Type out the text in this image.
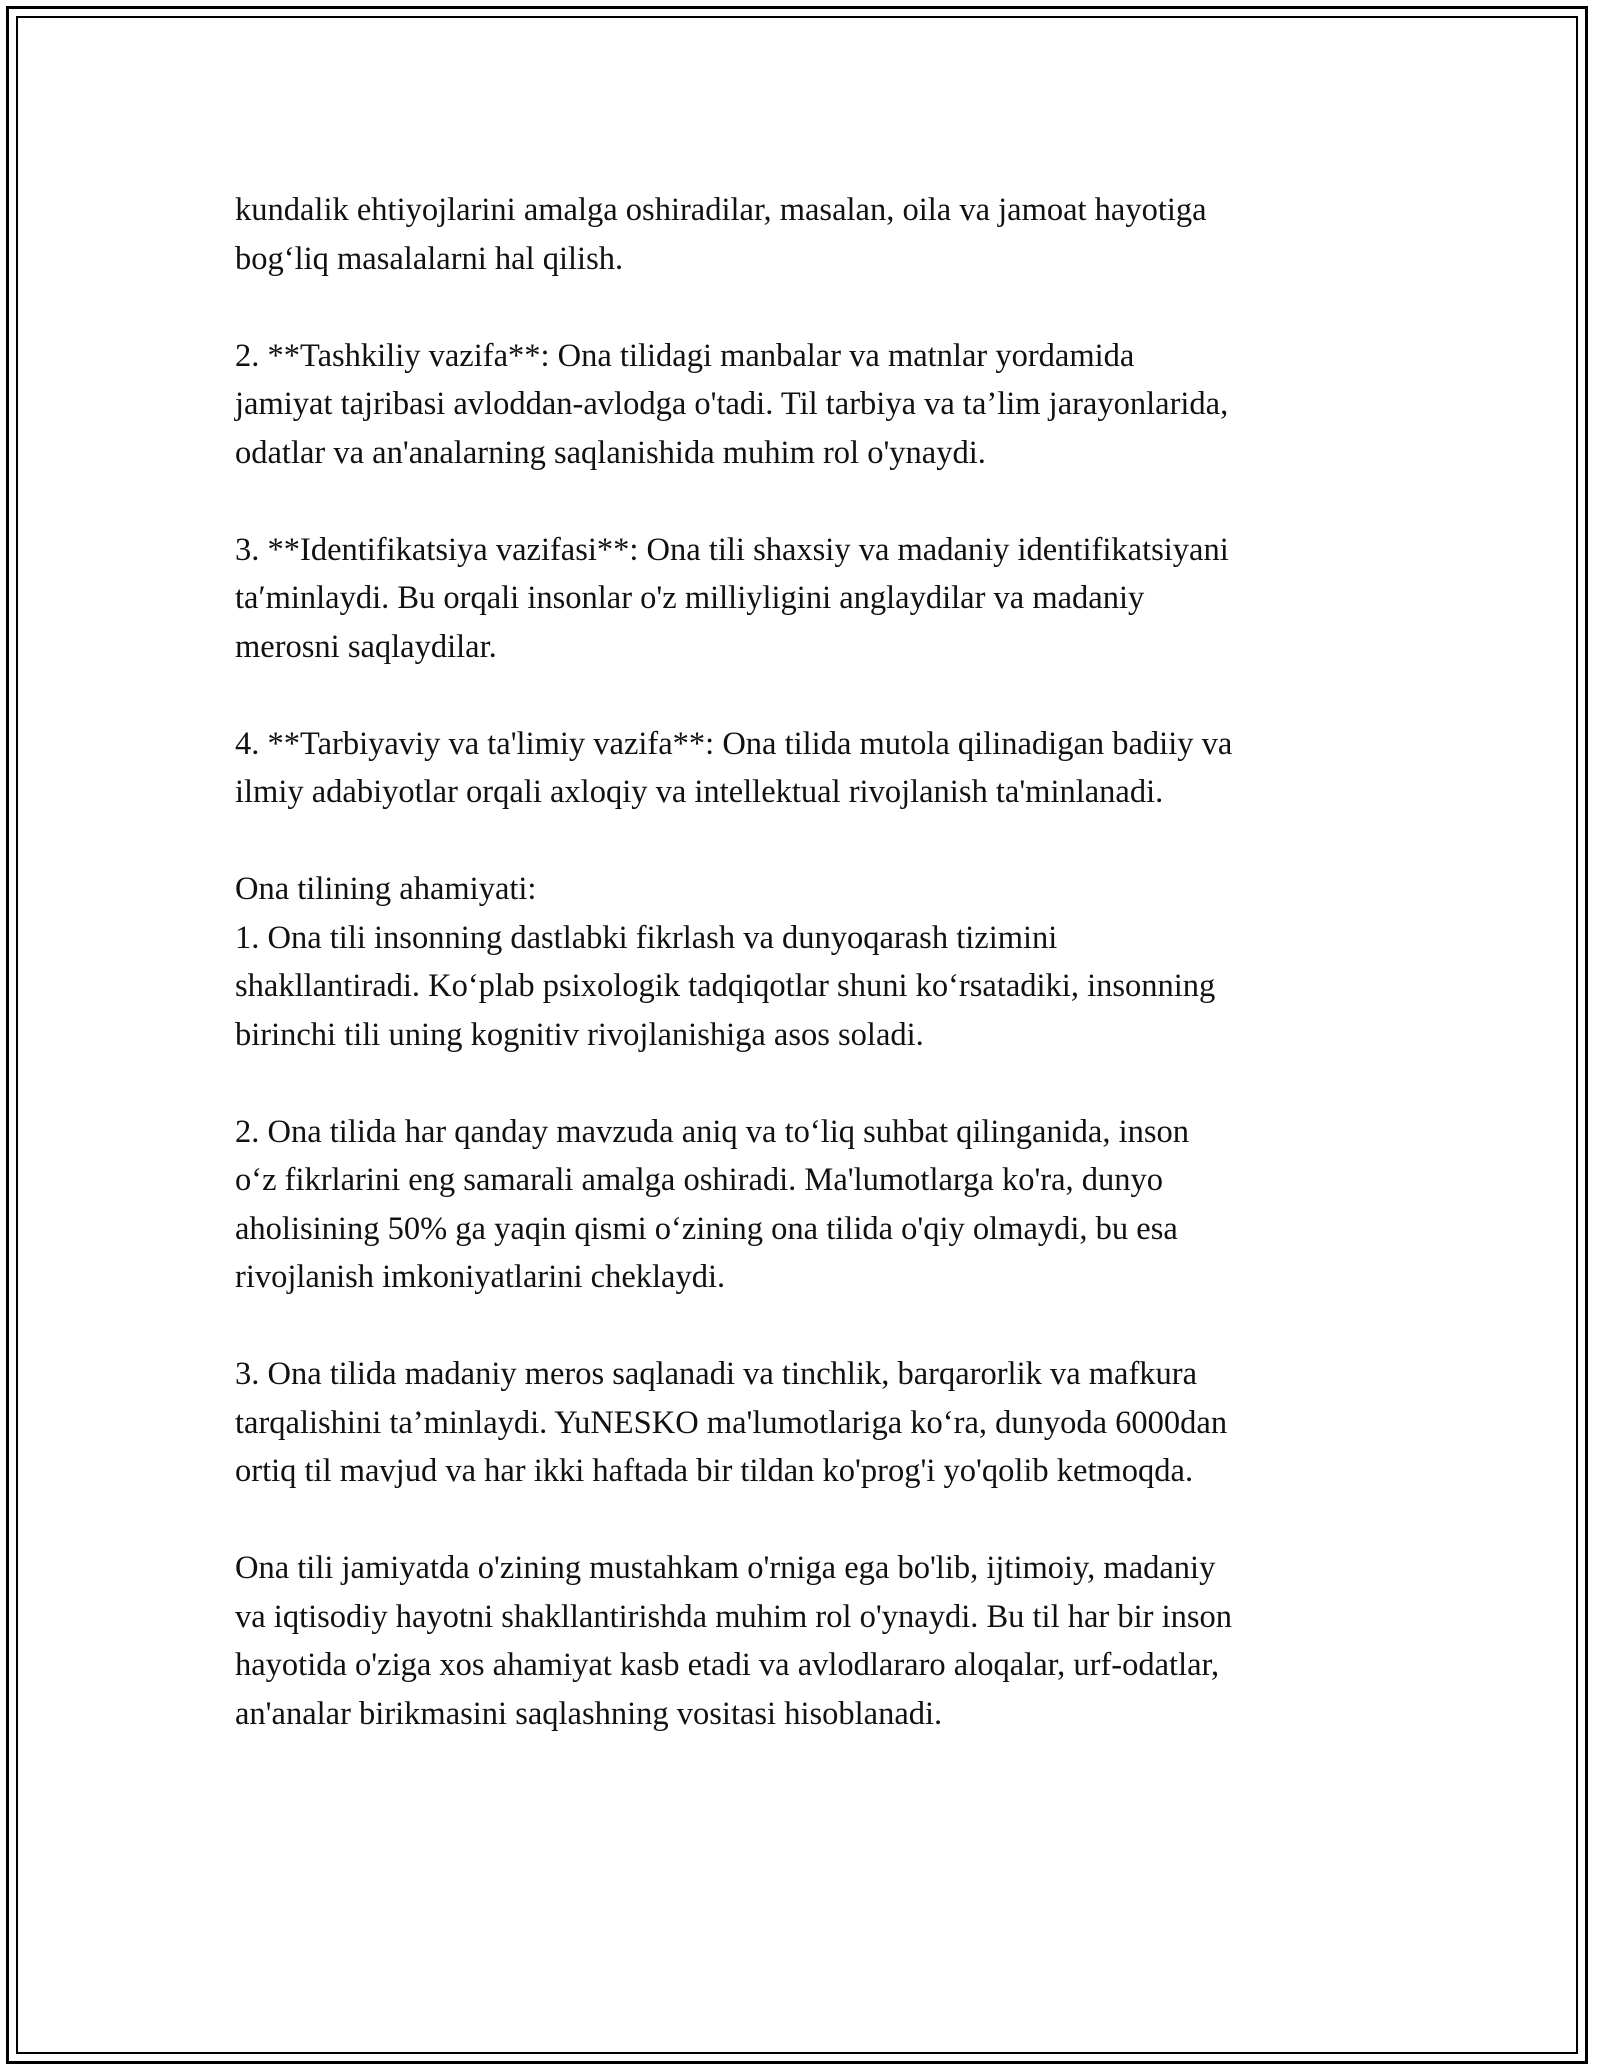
kundalik ehtiyojlarini amalga oshiradilar, masalan, oila va jamoat hayotiga
bog‘liq masalalarni hal qilish.

2. **Tashkiliy vazifa**: Ona tilidagi manbalar va matnlar yordamida
jamiyat tajribasi avloddan-avlodga o'tadi. Til tarbiya va ta’lim jarayonlarida,
odatlar va an'analarning saqlanishida muhim rol o'ynaydi.

3. **Identifikatsiya vazifasi**: Ona tili shaxsiy va madaniy identifikatsiyani
ta′minlaydi. Bu orqali insonlar o'z milliyligini anglaydilar va madaniy
merosni saqlaydilar.

4. **Tarbiyaviy va ta'limiy vazifa**: Ona tilida mutola qilinadigan badiiy va
ilmiy adabiyotlar orqali axloqiy va intellektual rivojlanish ta'minlanadi.

Ona tilining ahamiyati:

1. Ona tili insonning dastlabki fikrlash va dunyoqarash tizimini
shakllantiradi. Ko‘plab psixologik tadqiqotlar shuni ko‘rsatadiki, insonning
birinchi tili uning kognitiv rivojlanishiga asos soladi.

2. Ona tilida har qanday mavzuda aniq va to‘liq suhbat qilinganida, inson
o‘z fikrlarini eng samarali amalga oshiradi. Ma'lumotlarga ko'ra, dunyo
aholisining 50% ga yaqin qismi o‘zining ona tilida o'qiy olmaydi, bu esa
rivojlanish imkoniyatlarini cheklaydi.

3. Ona tilida madaniy meros saqlanadi va tinchlik, barqarorlik va mafkura
tarqalishini ta’minlaydi. YuNESKO ma'lumotlariga ko‘ra, dunyoda 6000dan
ortiq til mavjud va har ikki haftada bir tildan ko'prog'i yo'qolib ketmoqda.

Ona tili jamiyatda o'zining mustahkam o'rniga ega bo'lib, ijtimoiy, madaniy
va iqtisodiy hayotni shakllantirishda muhim rol o'ynaydi. Bu til har bir inson
hayotida o'ziga xos ahamiyat kasb etadi va avlodlararo aloqalar, urf-odatlar,
an'analar birikmasini saqlashning vositasi hisoblanadi.
